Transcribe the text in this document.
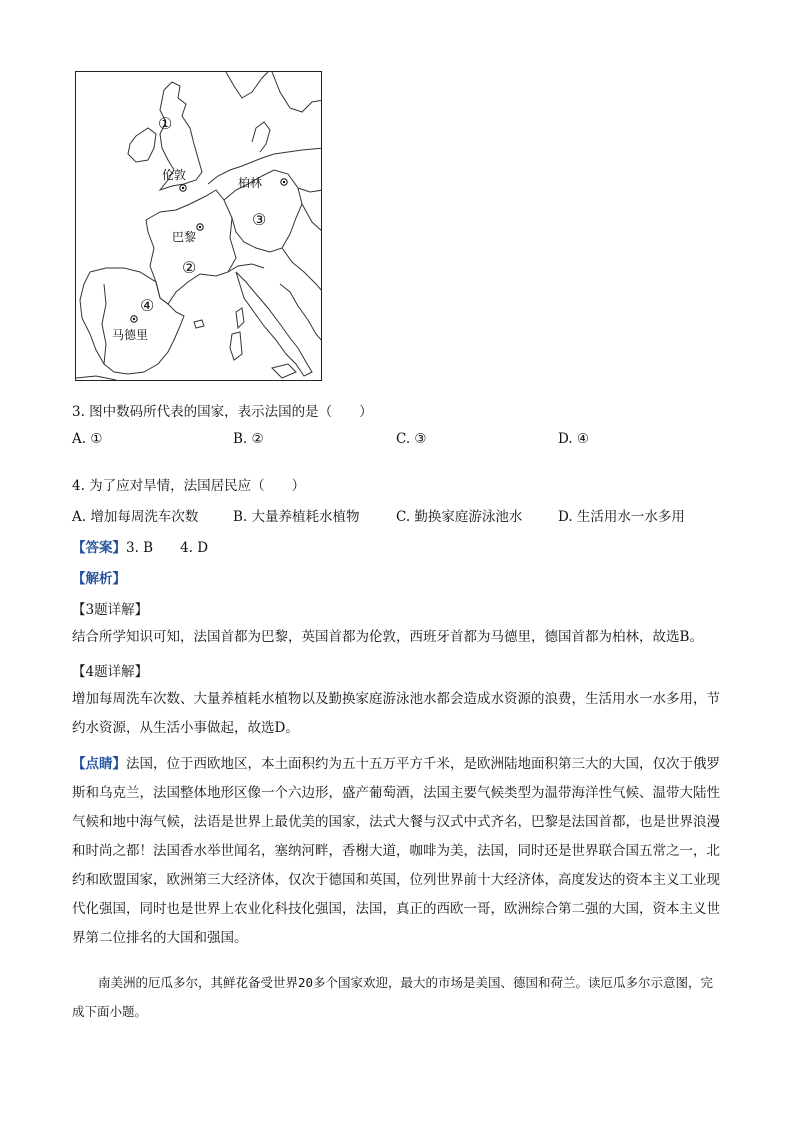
①
伦敦
柏林
③
巴黎
②
④
马德里
3. 图中数码所代表的国家，表示法国的是（　　）
A. ①	B. ②	C. ③	D. ④
4. 为了应对旱情，法国居民应（　　）
A. 增加每周洗车次数	B. 大量养植耗水植物	C. 勤换家庭游泳池水	D. 生活用水一水多用
【答案】3. B　　4. D
【解析】
【3题详解】
结合所学知识可知，法国首都为巴黎，英国首都为伦敦，西班牙首都为马德里，德国首都为柏林，故选B。
【4题详解】
增加每周洗车次数、大量养植耗水植物以及勤换家庭游泳池水都会造成水资源的浪费，生活用水一水多用，节约水资源，从生活小事做起，故选D。
【点睛】法国，位于西欧地区，本土面积约为五十五万平方千米，是欧洲陆地面积第三大的大国，仅次于俄罗斯和乌克兰，法国整体地形区像一个六边形，盛产葡萄酒，法国主要气候类型为温带海洋性气候、温带大陆性气候和地中海气候，法语是世界上最优美的国家，法式大餐与汉式中式齐名，巴黎是法国首都，也是世界浪漫和时尚之都！法国香水举世闻名，塞纳河畔，香榭大道，咖啡为美，法国，同时还是世界联合国五常之一，北约和欧盟国家，欧洲第三大经济体，仅次于德国和英国，位列世界前十大经济体，高度发达的资本主义工业现代化强国，同时也是世界上农业化科技化强国，法国，真正的西欧一哥，欧洲综合第二强的大国，资本主义世界第二位排名的大国和强国。
南美洲的厄瓜多尔，其鲜花备受世界20多个国家欢迎，最大的市场是美国、德国和荷兰。读厄瓜多尔示意图，完成下面小题。
